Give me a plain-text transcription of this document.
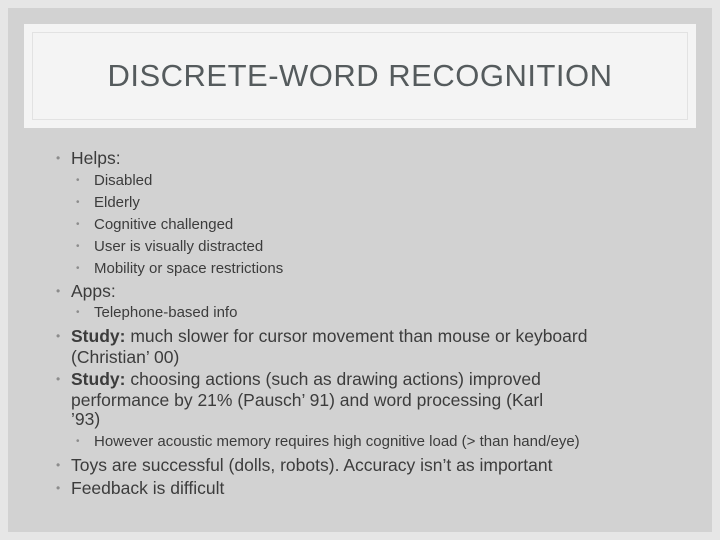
DISCRETE-WORD RECOGNITION
• Helps:
• Disabled
• Elderly
• Cognitive challenged
• User is visually distracted
• Mobility or space restrictions
• Apps:
• Telephone-based info
• Study: much slower for cursor movement than mouse or keyboard
(Christian’ 00)
• Study: choosing actions (such as drawing actions) improved
performance by 21% (Pausch’ 91) and word processing (Karl
’93)
• However acoustic memory requires high cognitive load (> than hand/eye)
• Toys are successful (dolls, robots). Accuracy isn’t as important
• Feedback is difficult
